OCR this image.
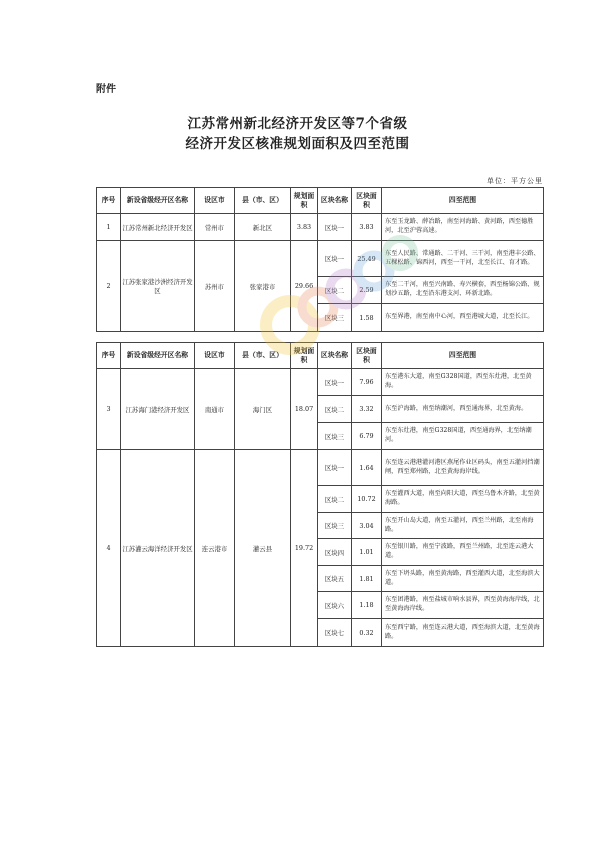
附件
江苏常州新北经济开发区等7个省级
经济开发区核准规划面积及四至范围
单位：平方公里
序号	新设省级经开区名称	设区市	县（市、区）	规划面积	区块名称	区块面积	四至范围
1	江苏常州新北经济开发区	常州市	新北区	3.83	区块一	3.83	东至玉龙路、薛冶路，南至河海路、黄河路，西至德胜河，北至沪蓉高速。
2	江苏张家港沙洲经济开发区	苏州市	张家港市	29.66	区块一	25.49	东至人民路、常通路、二干河、三干河，南至港丰公路、五棵松路、锦西河，西至一干河，北至长江、育才路。
					区块二	2.59	东至二干河，南至兴南路、寿兴横套，西至杨锦公路、规划沙五路，北至沿东港支河、环新北路。
					区块三	1.58	东至界港，南至南中心河，西至港城大道，北至长江。
序号	新设省级经开区名称	设区市	县（市、区）	规划面积	区块名称	区块面积	四至范围
3	江苏海门港经济开发区	南通市	海门区	18.07	区块一	7.96	东至港东大道，南至G328国道，西至东灶港，北至黄海。
					区块二	3.32	东至沪海路，南至纳潮河，西至通海界，北至黄海。
					区块三	6.79	东至东灶港，南至G328国道，西至通海界，北至纳潮河。
4	江苏灌云海洋经济开发区	连云港市	灌云县	19.72	区块一	1.64	东至连云港港灌河港区燕尾作业区码头，南至五灌河挡潮闸，西至郑州路，北至黄海海岸线。
					区块二	10.72	东至灌西大道，南至向阳大道，西至乌鲁木齐路，北至黄海路。
					区块三	3.04	东至开山岛大道，南至五灌河，西至兰州路，北至南海路。
					区块四	1.01	东至银川路，南至宁波路，西至兰州路，北至连云港大道。
					区块五	1.81	东至下坍头路，南至黄海路，西至灌西大道，北至海滨大道。
					区块六	1.18	东至团港路，南至盐城市响水县界，西至黄海海岸线，北至黄海海岸线。
					区块七	0.32	东至西宁路，南至连云港大道，西至海滨大道，北至黄海路。
